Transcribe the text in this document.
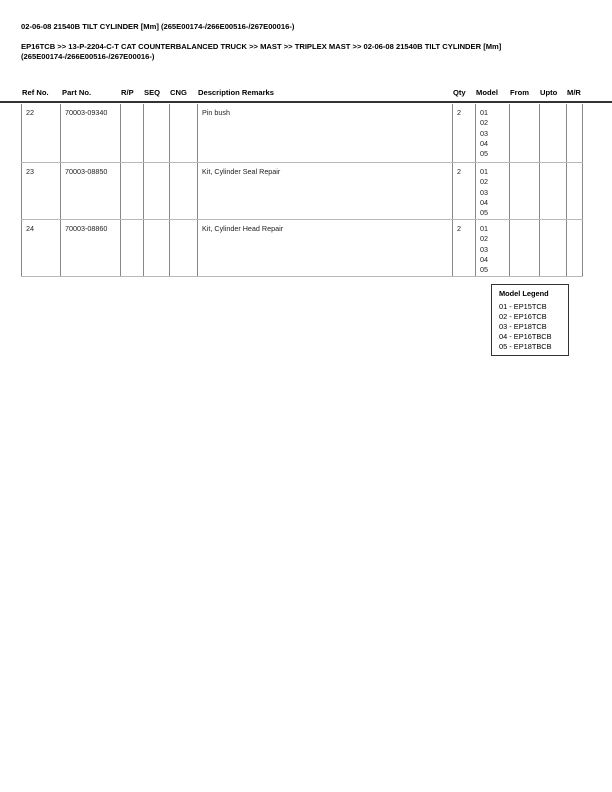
02-06-08 21540B TILT CYLINDER [Mm] (265E00174-/266E00516-/267E00016-)
EP16TCB >> 13-P-2204-C-T CAT COUNTERBALANCED TRUCK >> MAST >> TRIPLEX MAST >> 02-06-08 21540B TILT CYLINDER [Mm] (265E00174-/266E00516-/267E00016-)
Ref No. Part No.	R/P SEQ CNG Description Remarks	Qty Model From Upto M/R
22	70003-09340	Pin bush	2	01
02
03
04
05
23	70003-08850	Kit, Cylinder Seal Repair	2	01
02
03
04
05
24	70003-08860	Kit, Cylinder Head Repair	2	01
02
03
04
05
Model Legend
01 - EP15TCB
02 - EP16TCB
03 - EP18TCB
04 - EP16TBCB
05 - EP18TBCB
